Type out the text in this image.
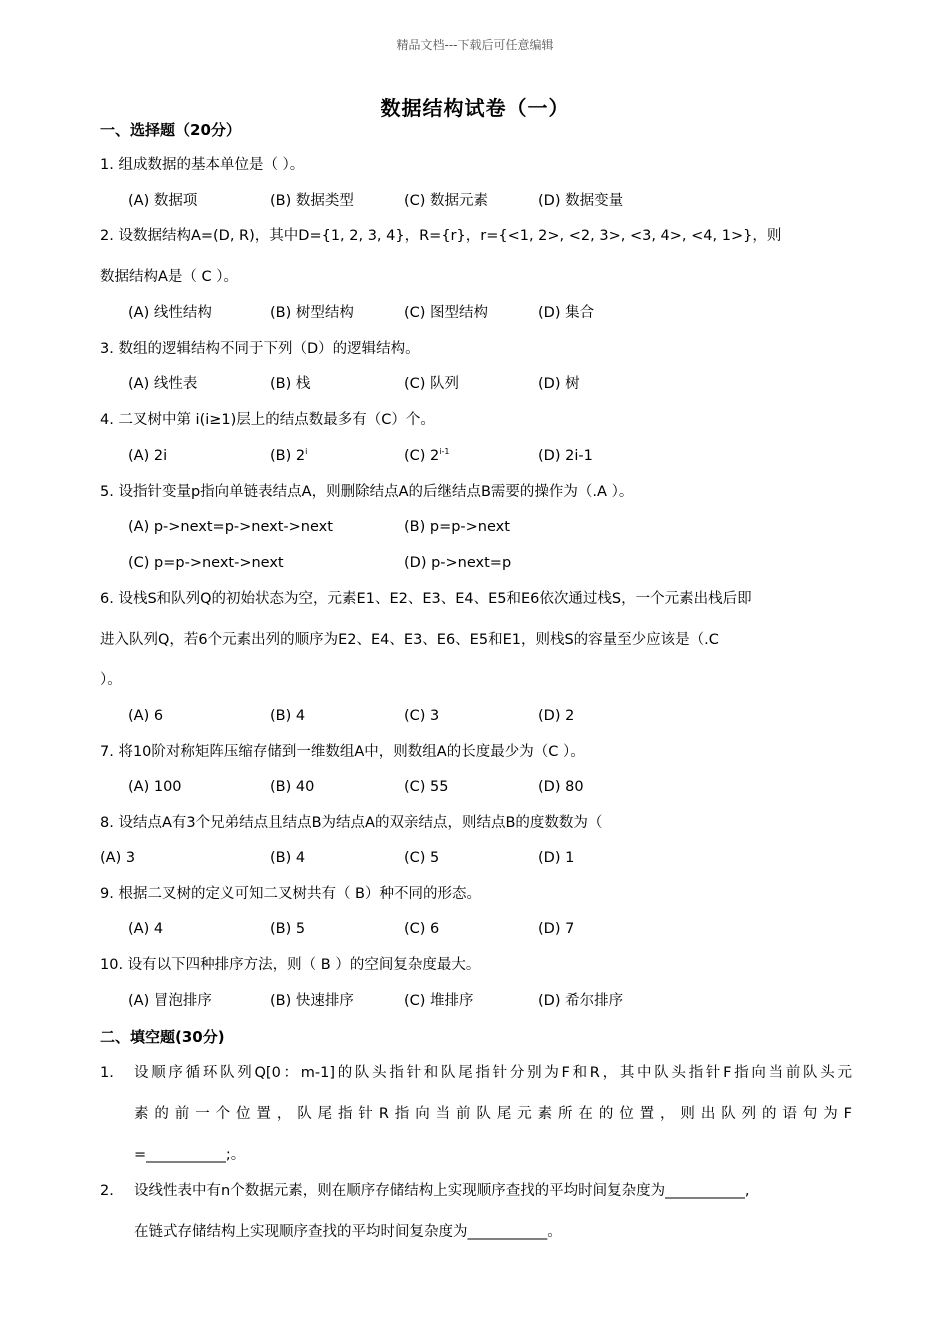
精品文档---下载后可任意编辑
数据结构试卷（一）
一、选择题（20分）
1. 组成数据的基本单位是（ ）。
(A) 数据项	(B) 数据类型	(C) 数据元素	(D) 数据变量
2. 设数据结构A=(D, R)，其中D={1, 2, 3, 4}，R={r}，r={<1, 2>, <2, 3>, <3, 4>, <4, 1>}，则
数据结构A是（ C ）。
(A) 线性结构	(B) 树型结构	(C) 图型结构	(D) 集合
3. 数组的逻辑结构不同于下列（D）的逻辑结构。
(A) 线性表	(B) 栈	(C) 队列	(D) 树
4. 二叉树中第 i(i≥1)层上的结点数最多有（C）个。
(A) 2i	(B) 2$^i$	(C) 2$^{i-1}$	(D) 2i-1
5. 设指针变量p指向单链表结点A，则删除结点A的后继结点B需要的操作为（.A ）。
(A) p->next=p->next->next	(B) p=p->next
(C) p=p->next->next	(D) p->next=p
6. 设栈S和队列Q的初始状态为空，元素E1、E2、E3、E4、E5和E6依次通过栈S，一个元素出栈后即
进入队列Q，若6个元素出列的顺序为E2、E4、E3、E6、E5和E1，则栈S的容量至少应该是（.C
）。
(A) 6	(B) 4	(C) 3	(D) 2
7. 将10阶对称矩阵压缩存储到一维数组A中，则数组A的长度最少为（C ）。
(A) 100	(B) 40	(C) 55	(D) 80
8. 设结点A有3个兄弟结点且结点B为结点A的双亲结点，则结点B的度数数为（
(A) 3	(B) 4	(C) 5	(D) 1
9. 根据二叉树的定义可知二叉树共有（ B）种不同的形态。
(A) 4	(B) 5	(C) 6	(D) 7
10. 设有以下四种排序方法，则（ B ）的空间复杂度最大。
(A) 冒泡排序	(B) 快速排序	(C) 堆排序	(D) 希尔排序
二、填空题(30分)
1. 设顺序循环队列Q[0：m-1]的队头指针和队尾指针分别为F和R，其中队头指针F指向当前队头元
素的前一个位置，队尾指针R指向当前队尾元素所在的位置，则出队列的语句为F
=___________;。
2. 设线性表中有n个数据元素，则在顺序存储结构上实现顺序查找的平均时间复杂度为___________,
在链式存储结构上实现顺序查找的平均时间复杂度为___________。
